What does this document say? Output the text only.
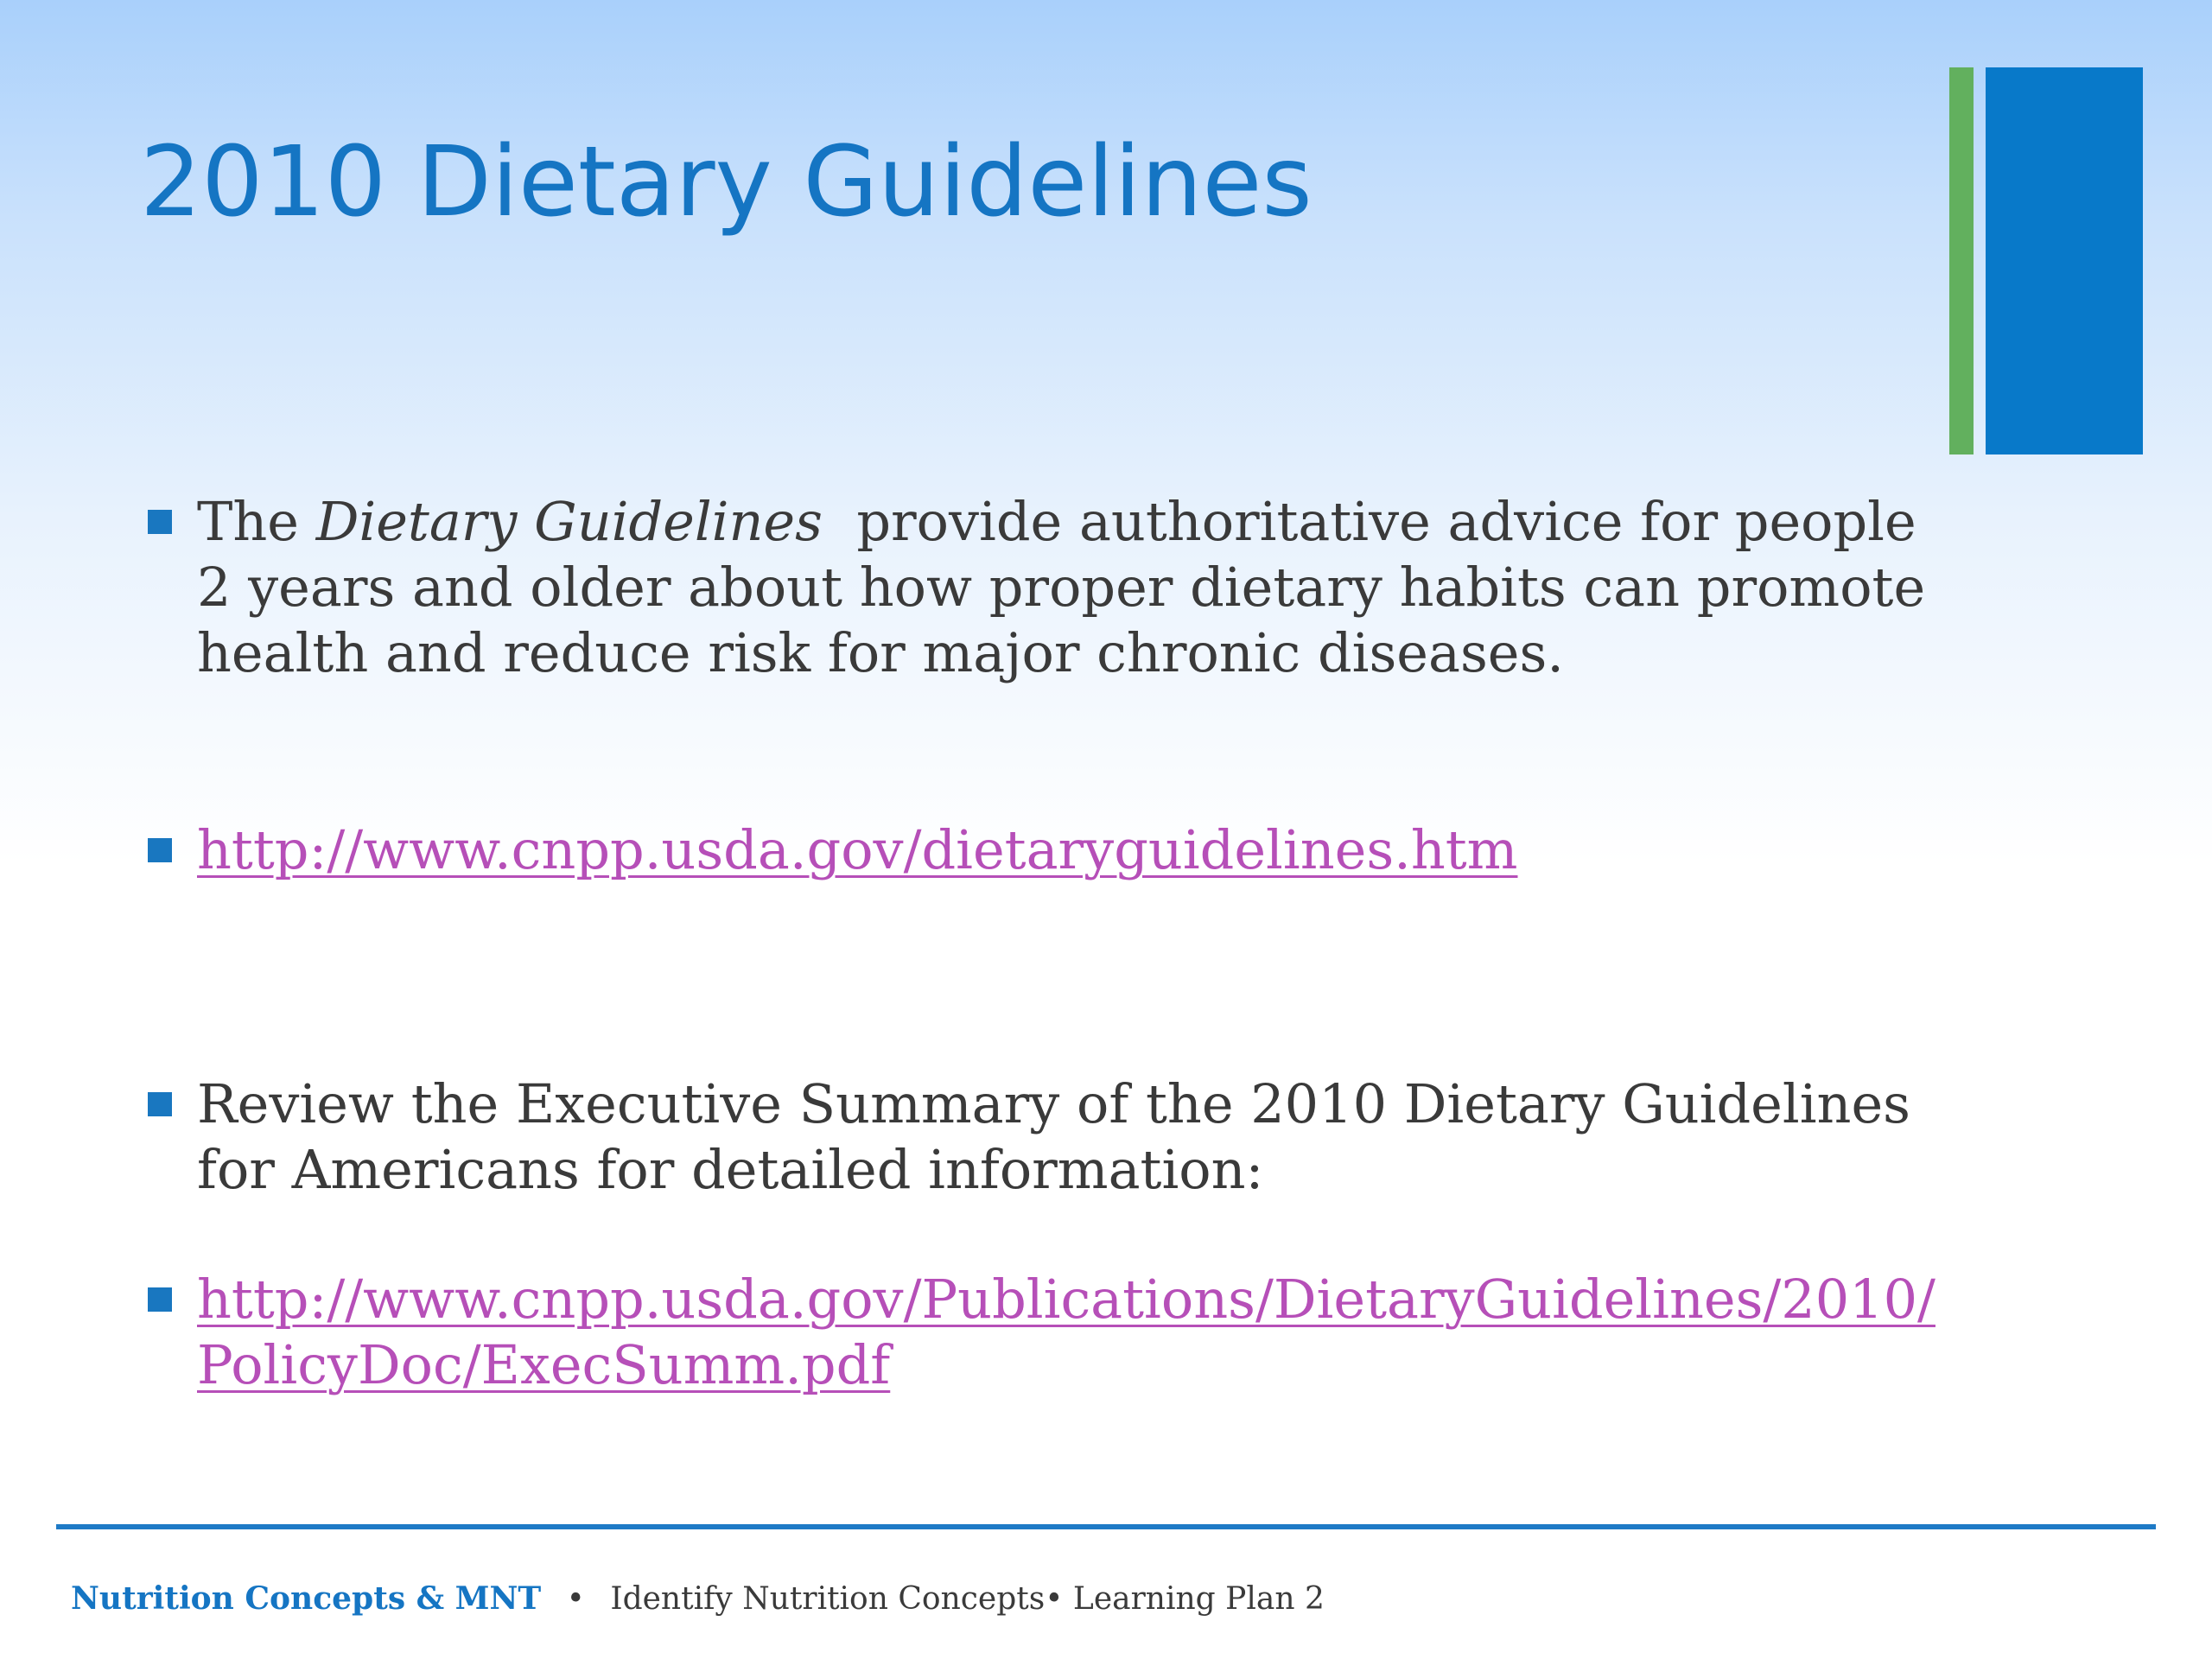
2010 Dietary Guidelines
The Dietary Guidelines  provide authoritative advice for people 2 years and older about how proper dietary habits can promote health and reduce risk for major chronic diseases.
http://www.cnpp.usda.gov/dietaryguidelines.htm
Review the Executive Summary of the 2010 Dietary Guidelines for Americans for detailed information:
http://www.cnpp.usda.gov/Publications/DietaryGuidelines/2010/PolicyDoc/ExecSumm.pdf
Nutrition Concepts & MNT • Identify Nutrition Concepts• Learning Plan 2
